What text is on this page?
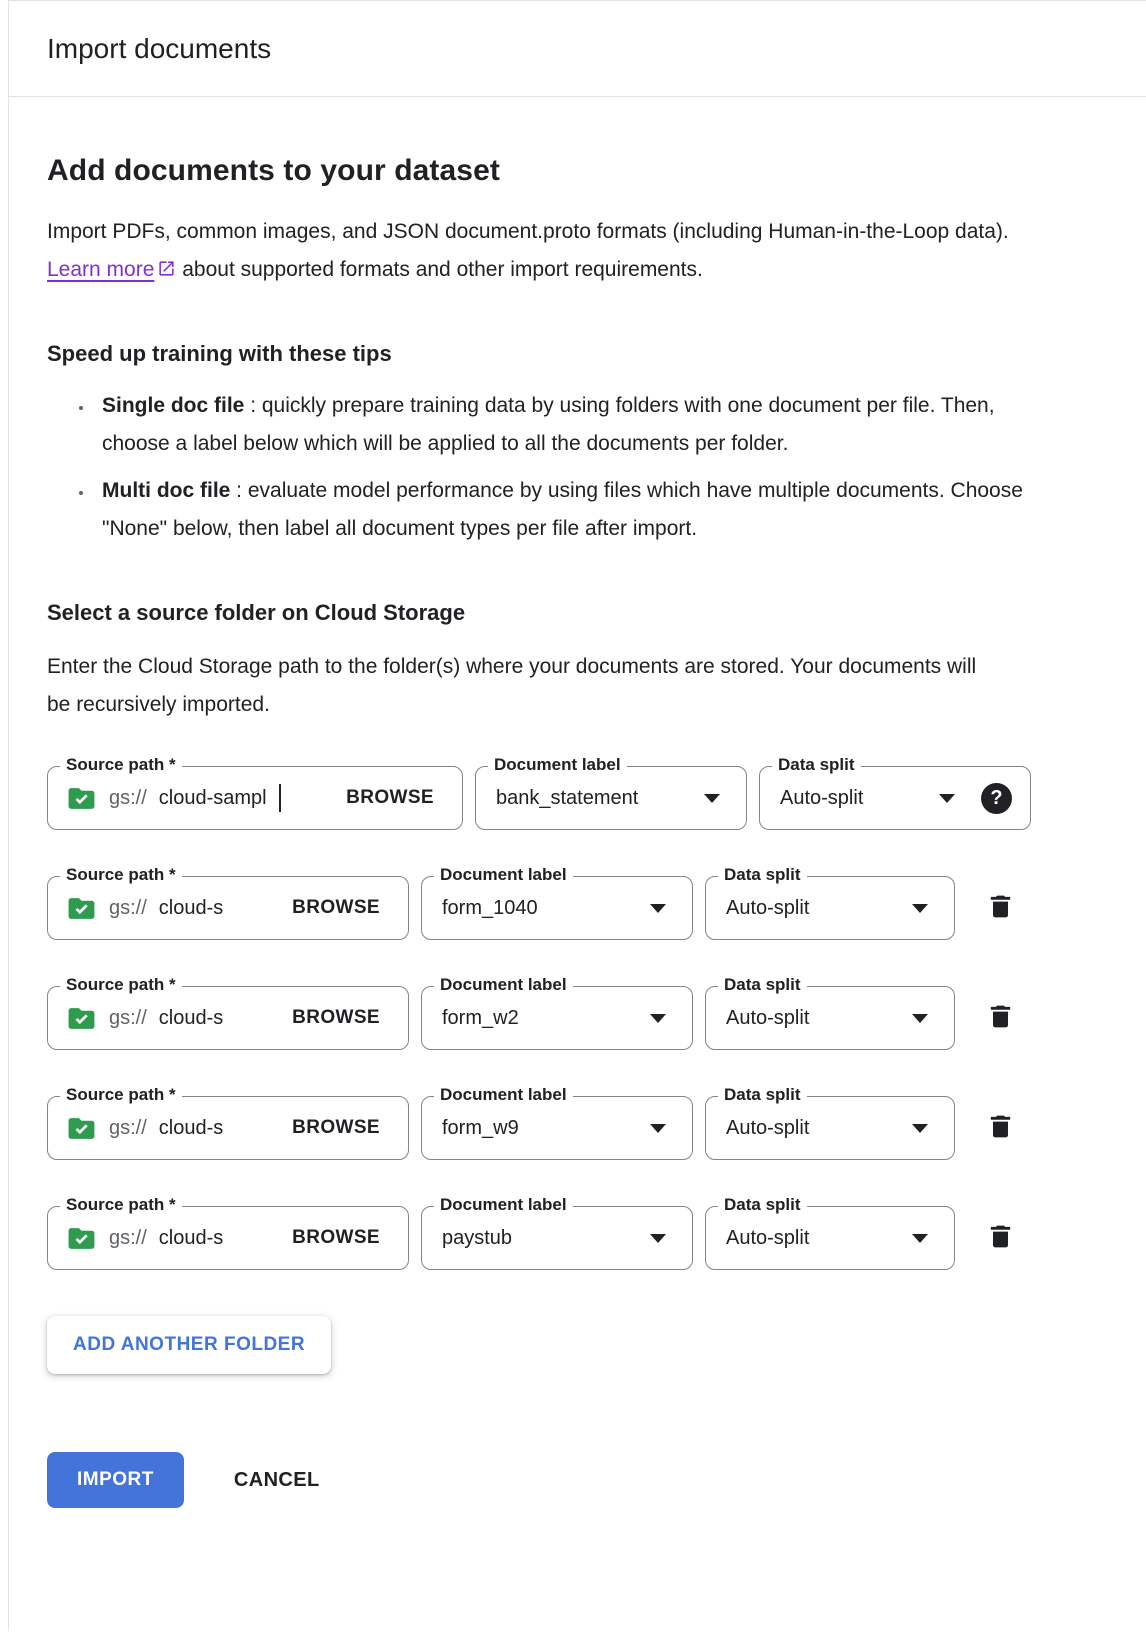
Import documents
Add documents to your dataset

Import PDFs, common images, and JSON document.proto formats (including Human-in-the-Loop data). Learn more about supported formats and other import requirements.

Speed up training with these tips
• Single doc file : quickly prepare training data by using folders with one document per file. Then, choose a label below which will be applied to all the documents per folder.
• Multi doc file : evaluate model performance by using files which have multiple documents. Choose "None" below, then label all document types per file after import.
Select a source folder on Cloud Storage

Enter the Cloud Storage path to the folder(s) where your documents are stored. Your documents will be recursively imported.

Source path *
gs:// cloud-sampl	BROWSE
Document label
bank_statement
Data split
Auto-split	?
Source path *
gs:// cloud-s	BROWSE
Document label
form_1040
Data split
Auto-split
Source path *
gs:// cloud-s	BROWSE
Document label
form_w2
Data split
Auto-split
Source path *
gs:// cloud-s	BROWSE
Document label
form_w9
Data split
Auto-split
Source path *
gs:// cloud-s	BROWSE
Document label
paystub
Data split
Auto-split
ADD ANOTHER FOLDER
IMPORT	CANCEL
